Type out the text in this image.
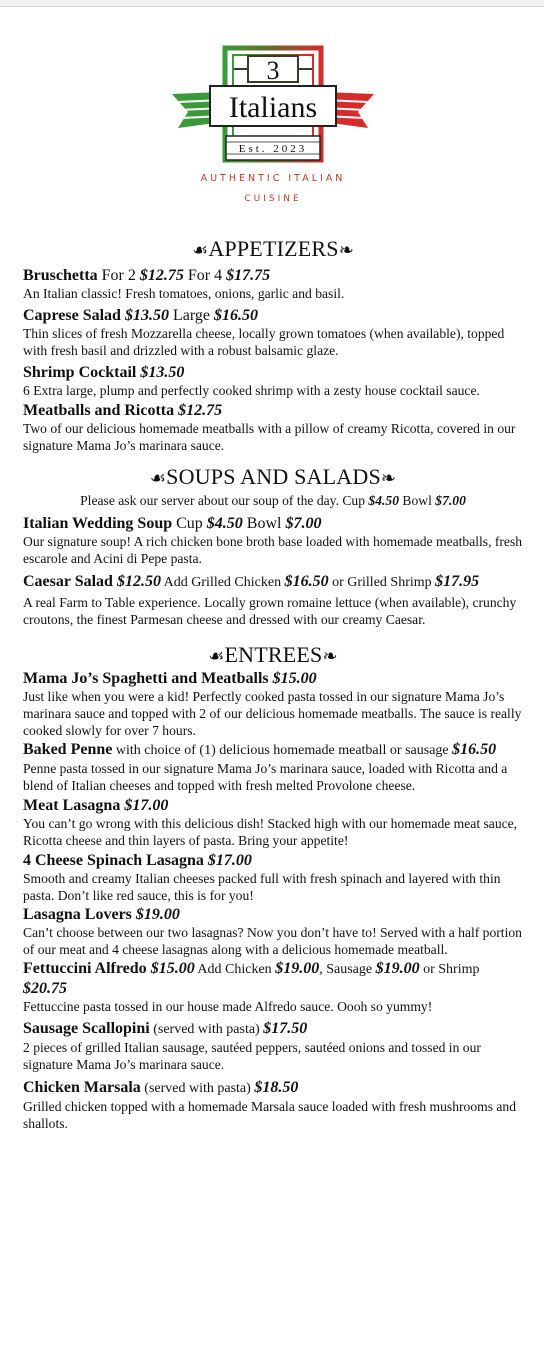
3
Italians
Est. 2023
AUTHENTIC ITALIAN
CUISINE
☙APPETIZERS❧
Bruschetta For 2 $12.75 For 4 $17.75
An Italian classic! Fresh tomatoes, onions, garlic and basil.
Caprese Salad $13.50 Large $16.50
Thin slices of fresh Mozzarella cheese, locally grown tomatoes (when available), topped with fresh basil and drizzled with a robust balsamic glaze.
Shrimp Cocktail $13.50
6 Extra large, plump and perfectly cooked shrimp with a zesty house cocktail sauce.
Meatballs and Ricotta $12.75
Two of our delicious homemade meatballs with a pillow of creamy Ricotta, covered in our signature Mama Jo’s marinara sauce.
☙SOUPS AND SALADS❧
Please ask our server about our soup of the day. Cup $4.50 Bowl $7.00
Italian Wedding Soup Cup $4.50 Bowl $7.00
Our signature soup! A rich chicken bone broth base loaded with homemade meatballs, fresh escarole and Acini di Pepe pasta.
Caesar Salad $12.50 Add Grilled Chicken $16.50 or Grilled Shrimp $17.95
A real Farm to Table experience. Locally grown romaine lettuce (when available), crunchy croutons, the finest Parmesan cheese and dressed with our creamy Caesar.
☙ENTREES❧
Mama Jo’s Spaghetti and Meatballs $15.00
Just like when you were a kid! Perfectly cooked pasta tossed in our signature Mama Jo’s marinara sauce and topped with 2 of our delicious homemade meatballs. The sauce is really cooked slowly for over 7 hours.
Baked Penne with choice of (1) delicious homemade meatball or sausage $16.50
Penne pasta tossed in our signature Mama Jo’s marinara sauce, loaded with Ricotta and a blend of Italian cheeses and topped with fresh melted Provolone cheese.
Meat Lasagna $17.00
You can’t go wrong with this delicious dish! Stacked high with our homemade meat sauce, Ricotta cheese and thin layers of pasta. Bring your appetite!
4 Cheese Spinach Lasagna $17.00
Smooth and creamy Italian cheeses packed full with fresh spinach and layered with thin pasta. Don’t like red sauce, this is for you!
Lasagna Lovers $19.00
Can’t choose between our two lasagnas? Now you don’t have to! Served with a half portion of our meat and 4 cheese lasagnas along with a delicious homemade meatball.
Fettuccini Alfredo $15.00 Add Chicken $19.00, Sausage $19.00 or Shrimp $20.75
Fettuccine pasta tossed in our house made Alfredo sauce. Oooh so yummy!
Sausage Scallopini (served with pasta) $17.50
2 pieces of grilled Italian sausage, sautéed peppers, sautéed onions and tossed in our signature Mama Jo’s marinara sauce.
Chicken Marsala (served with pasta) $18.50
Grilled chicken topped with a homemade Marsala sauce loaded with fresh mushrooms and shallots.
